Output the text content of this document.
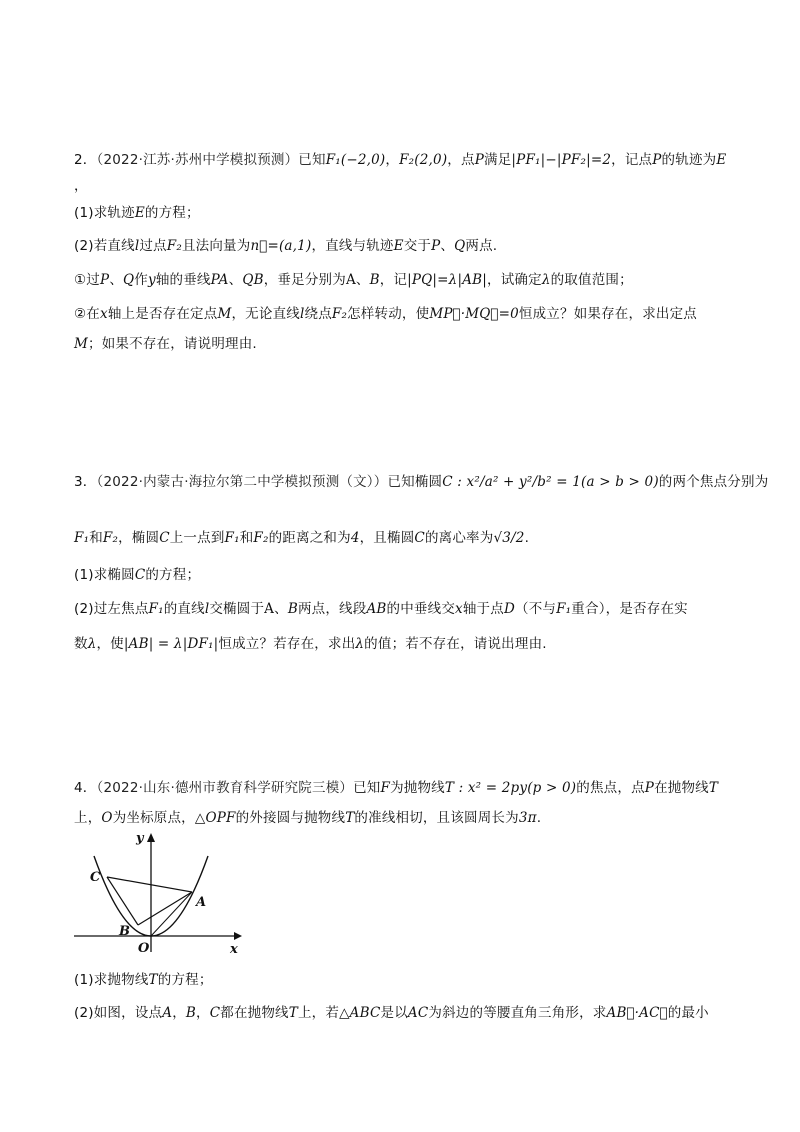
2．（2022·江苏·苏州中学模拟预测）已知F₁(−2,0)，F₂(2,0)，点P满足|PF₁|−|PF₂|=2，记点P的轨迹为E
，
(1)求轨迹E的方程；
(2)若直线l过点F₂且法向量为n⃗=(a,1)，直线与轨迹E交于P、Q两点.
①过P、Q作y轴的垂线PA、QB，垂足分别为A、B，记|PQ|=λ|AB|，试确定λ的取值范围；
②在x轴上是否存在定点M，无论直线l绕点F₂怎样转动，使MP⃗·MQ⃗=0恒成立？如果存在，求出定点
M；如果不存在，请说明理由.
3．（2022·内蒙古·海拉尔第二中学模拟预测（文））已知椭圆C : x²/a² + y²/b² = 1(a > b > 0)的两个焦点分别为
F₁和F₂，椭圆C上一点到F₁和F₂的距离之和为4，且椭圆C的离心率为√3/2.
(1)求椭圆C的方程；
(2)过左焦点F₁的直线l交椭圆于A、B两点，线段AB的中垂线交x轴于点D（不与F₁重合），是否存在实
数λ，使|AB| = λ|DF₁|恒成立？若存在，求出λ的值；若不存在，请说出理由.
4．（2022·山东·德州市教育科学研究院三模）已知F为抛物线T : x² = 2py(p > 0)的焦点，点P在抛物线T
上，O为坐标原点，△OPF的外接圆与抛物线T的准线相切，且该圆周长为3π.
y
x
O
A
B
C
(1)求抛物线T的方程；
(2)如图，设点A，B，C都在抛物线T上，若△ABC是以AC为斜边的等腰直角三角形，求AB⃗·AC⃗的最小
